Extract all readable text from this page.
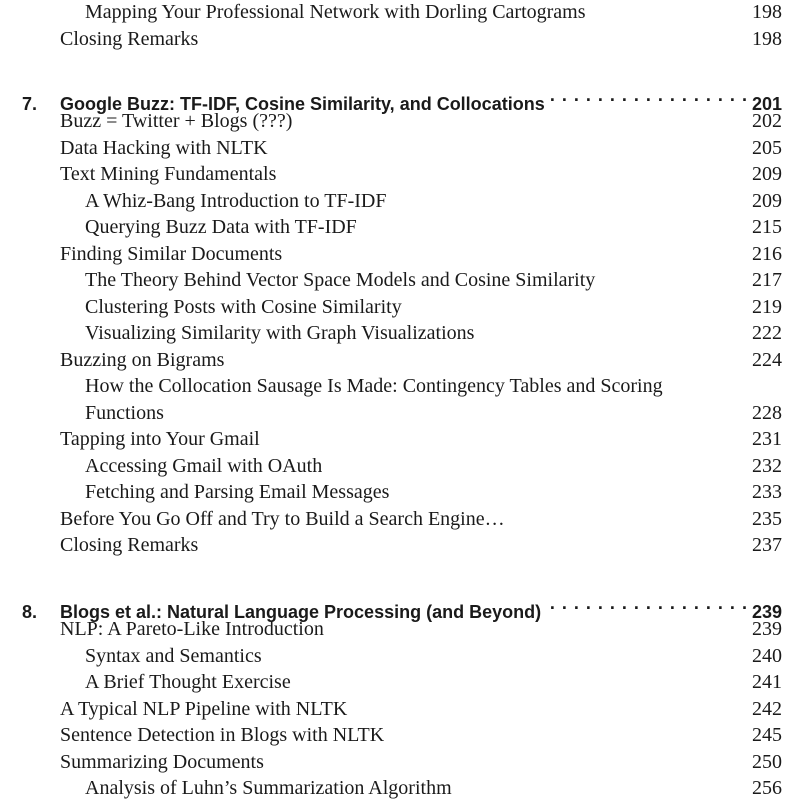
Mapping Your Professional Network with Dorling Cartograms	198
Closing Remarks	198
7.	Google Buzz: TF-IDF, Cosine Similarity, and Collocations . . .	201
Buzz = Twitter + Blogs (???)	202
Data Hacking with NLTK	205
Text Mining Fundamentals	209
A Whiz-Bang Introduction to TF-IDF	209
Querying Buzz Data with TF-IDF	215
Finding Similar Documents	216
The Theory Behind Vector Space Models and Cosine Similarity	217
Clustering Posts with Cosine Similarity	219
Visualizing Similarity with Graph Visualizations	222
Buzzing on Bigrams	224
How the Collocation Sausage Is Made: Contingency Tables and Scoring
Functions	228
Tapping into Your Gmail	231
Accessing Gmail with OAuth	232
Fetching and Parsing Email Messages	233
Before You Go Off and Try to Build a Search Engine…	235
Closing Remarks	237
8.	Blogs et al.: Natural Language Processing (and Beyond) . . .	239
NLP: A Pareto-Like Introduction	239
Syntax and Semantics	240
A Brief Thought Exercise	241
A Typical NLP Pipeline with NLTK	242
Sentence Detection in Blogs with NLTK	245
Summarizing Documents	250
Analysis of Luhn’s Summarization Algorithm	256
